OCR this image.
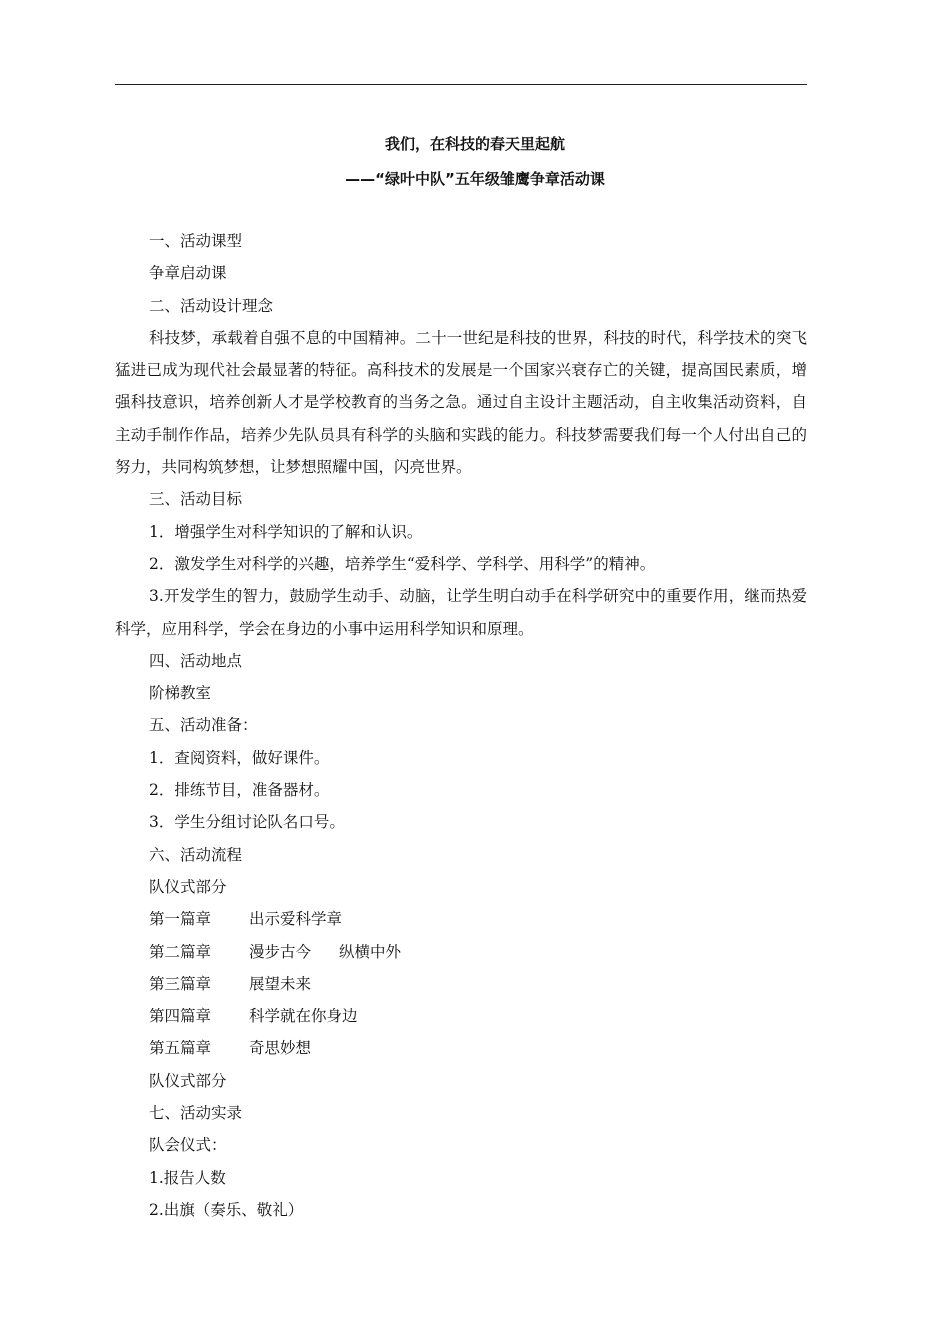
我们，在科技的春天里起航
——“绿叶中队”五年级雏鹰争章活动课

一、活动课型

争章启动课

二、活动设计理念

科技梦，承载着自强不息的中国精神。二十一世纪是科技的世界，科技的时代，科学技术的突飞猛进已成为现代社会最显著的特征。高科技术的发展是一个国家兴衰存亡的关键，提高国民素质，增强科技意识，培养创新人才是学校教育的当务之急。通过自主设计主题活动，自主收集活动资料，自主动手制作作品，培养少先队员具有科学的头脑和实践的能力。科技梦需要我们每一个人付出自己的努力，共同构筑梦想，让梦想照耀中国，闪亮世界。

三、活动目标

1．增强学生对科学知识的了解和认识。

2．激发学生对科学的兴趣，培养学生“爱科学、学科学、用科学”的精神。

3.开发学生的智力，鼓励学生动手、动脑，让学生明白动手在科学研究中的重要作用，继而热爱科学，应用科学，学会在身边的小事中运用科学知识和原理。

四、活动地点

阶梯教室

五、活动准备：

1．查阅资料，做好课件。

2．排练节目，准备器材。

3．学生分组讨论队名口号。

六、活动流程

队仪式部分

第一篇章	出示爱科学章
第二篇章	漫步古今 纵横中外
第三篇章	展望未来
第四篇章	科学就在你身边
第五篇章	奇思妙想

队仪式部分

七、活动实录

队会仪式：

1.报告人数

2.出旗（奏乐、敬礼）
